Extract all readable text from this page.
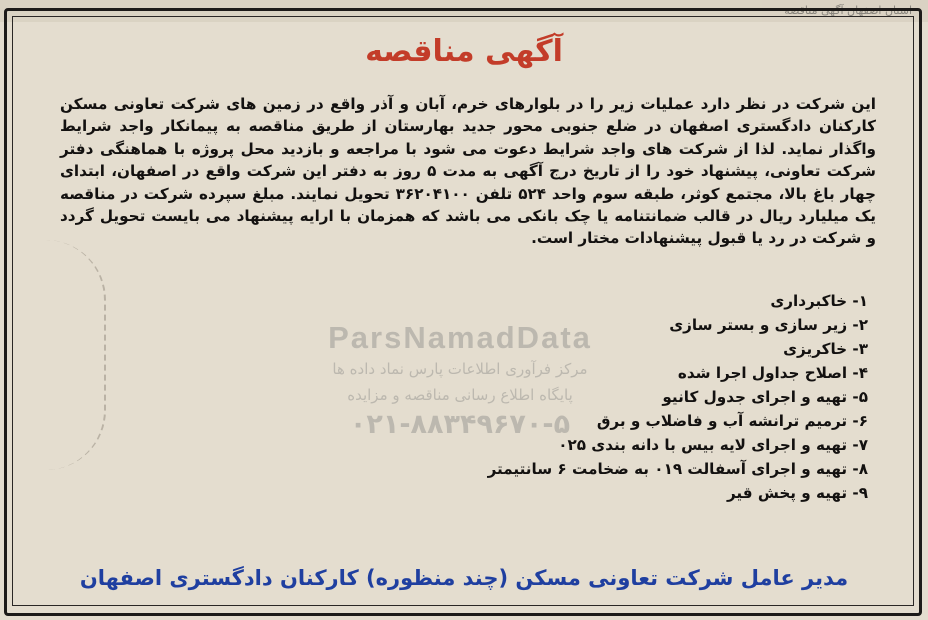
استان اصفهان آگهی مناقصه
آگهی مناقصه
این شرکت در نظر دارد عملیات زیر را در بلوارهای خرم، آبان و آذر واقع در زمین های شرکت تعاونی مسکن کارکنان دادگستری اصفهان در ضلع جنوبی محور جدید بهارستان از طریق مناقصه به پیمانکار واجد شرایط واگذار نماید. لذا از شرکت های واجد شرایط دعوت می شود با مراجعه و بازدید محل پروژه با هماهنگی دفتر شرکت تعاونی، پیشنهاد خود را از تاریخ درج آگهی به مدت ۵ روز به دفتر این شرکت واقع در اصفهان، ابتدای چهار باغ بالا، مجتمع کوثر، طبقه سوم واحد ۵۲۴ تلفن ۳۶۲۰۴۱۰۰ تحویل نمایند. مبلغ سپرده شرکت در مناقصه یک میلیارد ریال در قالب ضمانتنامه یا چک بانکی می باشد که همزمان با ارایه پیشنهاد می بایست تحویل گردد و شرکت در رد یا قبول پیشنهادات مختار است.
۱- خاکبرداری
۲- زیر سازی و بستر سازی
۳- خاکریزی
۴- اصلاح جداول اجرا شده
۵- تهیه و اجرای جدول کانیو
۶- ترمیم ترانشه آب و فاضلاب و برق
۷- تهیه و اجرای لایه بیس با دانه بندی ۰۲۵
۸- تهیه و اجرای آسفالت ۰۱۹ به ضخامت ۶ سانتیمتر
۹- تهیه و پخش قیر
ParsNamadData
مرکز فرآوری اطلاعات پارس نماد داده ها
پایگاه اطلاع رسانی مناقصه و مزایده
۰۲۱-۸۸۳۴۹۶۷۰-۵
مدیر عامل شرکت تعاونی مسکن (چند منظوره) کارکنان دادگستری اصفهان
